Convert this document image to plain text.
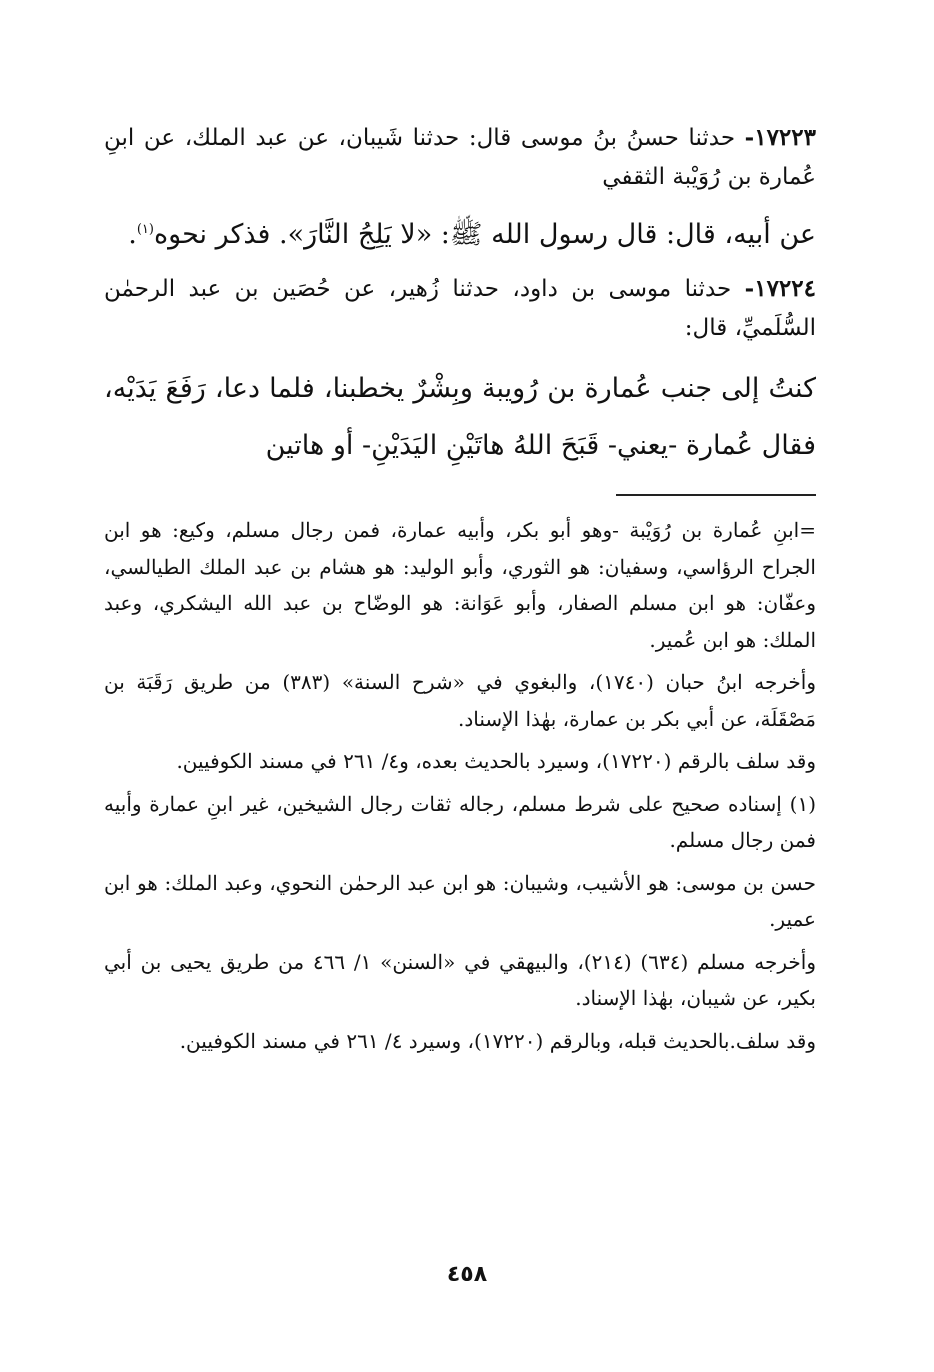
١٧٢٢٣- حدثنا حسنُ بنُ موسى قال: حدثنا شَيبان، عن عبد الملك، عن ابنِ عُمارة بن رُوَيْبة الثقفي

عن أبيه، قال: قال رسول الله ﷺ: «لا يَلِجُ النَّارَ». فذكر نحوه$^{(١)}$.

١٧٢٢٤- حدثنا موسى بن داود، حدثنا زُهير، عن حُصَين بن عبد الرحمٰن السُّلَميِّ، قال:

كنتُ إلى جنب عُمارة بن رُويبة وبِشْرٌ يخطبنا، فلما دعا، رَفَعَ يَدَيْه، فقال عُمارة -يعني- قَبَحَ اللهُ هاتَيْنِ اليَدَيْنِ- أو هاتين

=ابنِ عُمارة بن رُوَيْبة -وهو أبو بكر، وأبيه عمارة، فمن رجال مسلم، وكيع: هو ابن الجراح الرؤاسي، وسفيان: هو الثوري، وأبو الوليد: هو هشام بن عبد الملك الطيالسي، وعفّان: هو ابن مسلم الصفار، وأبو عَوَانة: هو الوضّاح بن عبد الله اليشكري، وعبد الملك: هو ابن عُمير.

وأخرجه ابنُ حبان (١٧٤٠)، والبغوي في «شرح السنة» (٣٨٣) من طريق رَقَبَة بن مَصْقَلَة، عن أبي بكر بن عمارة، بهٰذا الإسناد.

وقد سلف بالرقم (١٧٢٢٠)، وسيرد بالحديث بعده، و٤/ ٢٦١ في مسند الكوفيين.

(١) إسناده صحيح على شرط مسلم، رجاله ثقات رجال الشيخين، غير ابنِ عمارة وأبيه فمن رجال مسلم.

حسن بن موسى: هو الأشيب، وشيبان: هو ابن عبد الرحمٰن النحوي، وعبد الملك: هو ابن عمير.

وأخرجه مسلم (٦٣٤) (٢١٤)، والبيهقي في «السنن» ١/ ٤٦٦ من طريق يحيى بن أبي بكير، عن شيبان، بهٰذا الإسناد.

وقد سلف.بالحديث قبله، وبالرقم (١٧٢٢٠)، وسيرد ٤/ ٢٦١ في مسند الكوفيين.

٤٥٨
